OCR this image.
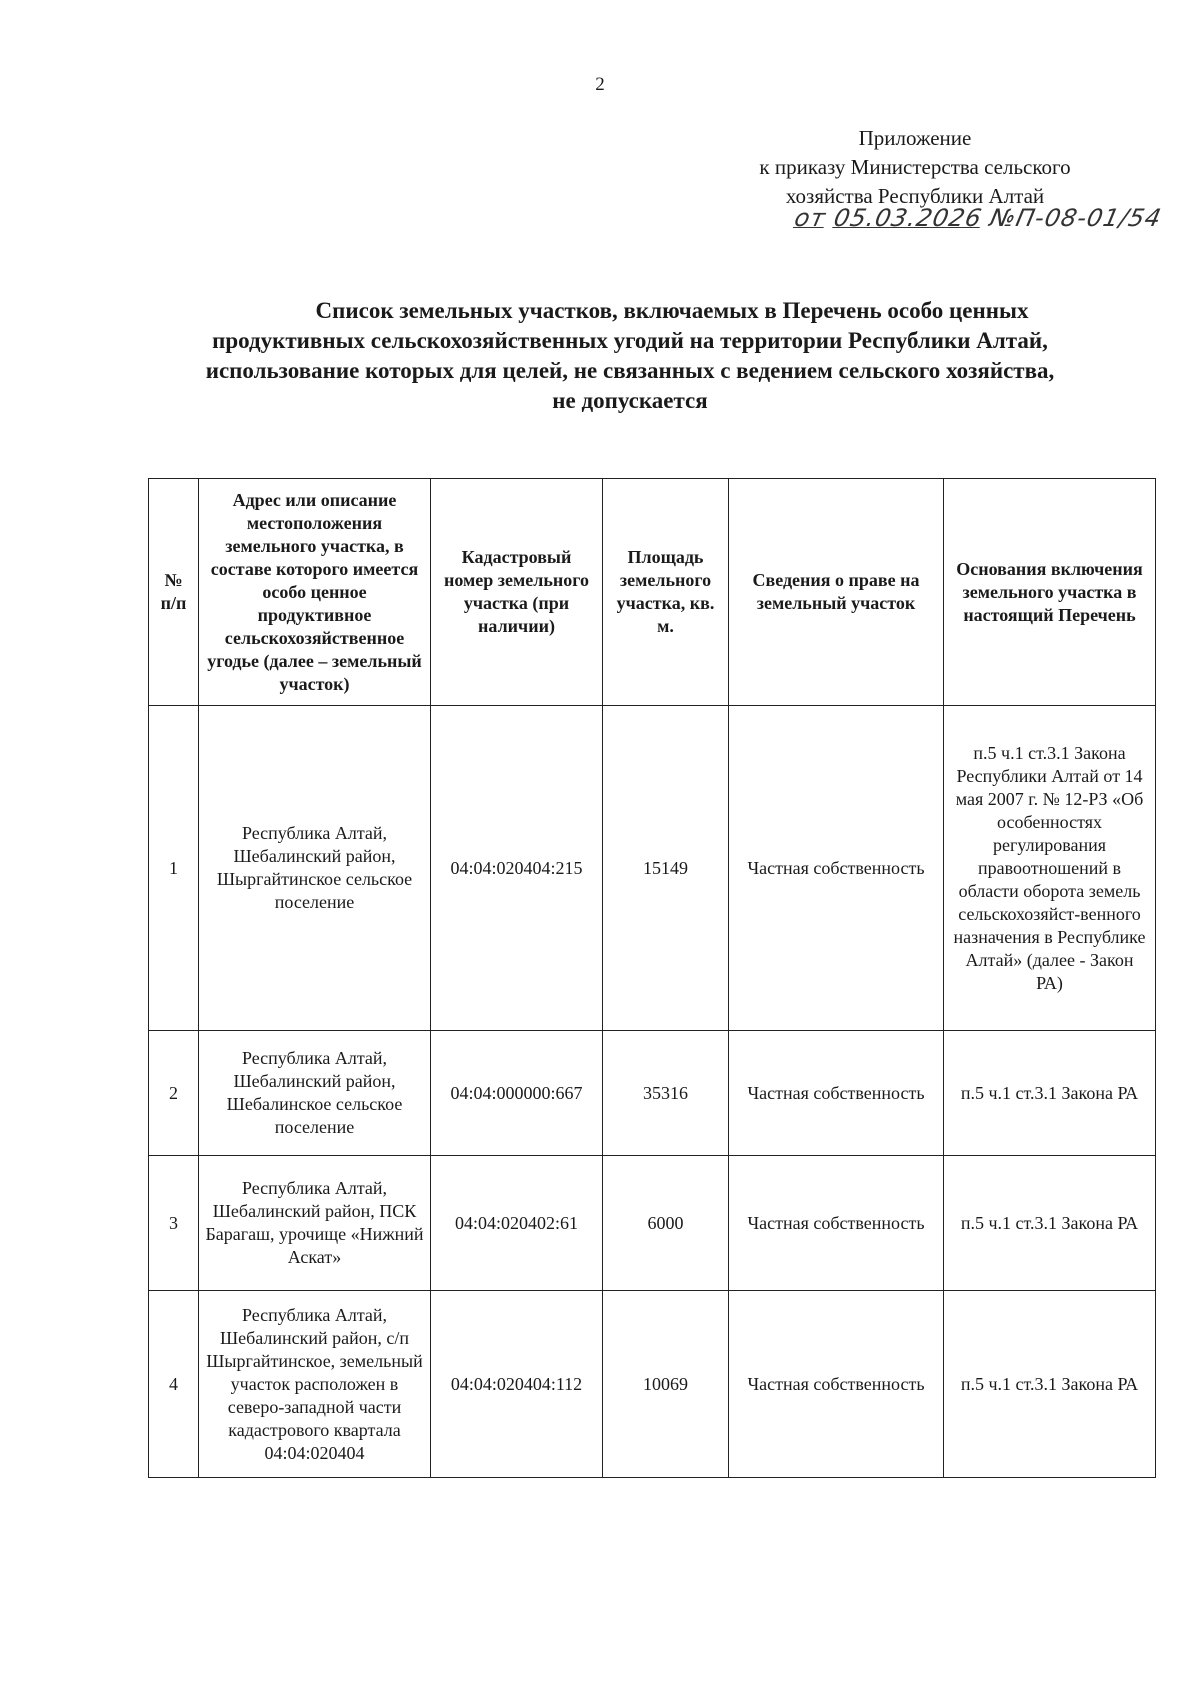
2
Приложение
к приказу Министерства сельского
хозяйства Республики Алтай
от 05.03.2026 №П-08-01/54
Список земельных участков, включаемых в Перечень особо ценных
продуктивных сельскохозяйственных угодий на территории Республики Алтай,
использование которых для целей, не связанных с ведением сельского хозяйства,
не допускается
№ п/п	Адрес или описание местоположения земельного участка, в составе которого имеется особо ценное продуктивное сельскохозяйственное угодье (далее – земельный участок)	Кадастровый номер земельного участка (при наличии)	Площадь земельного участка, кв. м.	Сведения о праве на земельный участок	Основания включения земельного участка в настоящий Перечень
1	Республика Алтай, Шебалинский район, Шыргайтинское сельское поселение	04:04:020404:215	15149	Частная собственность	п.5 ч.1 ст.3.1 Закона Республики Алтай от 14 мая 2007 г. № 12-РЗ «Об особенностях регулирования правоотношений в области оборота земель сельскохозяйст-венного назначения в Республике Алтай» (далее - Закон РА)
2	Республика Алтай, Шебалинский район, Шебалинское сельское поселение	04:04:000000:667	35316	Частная собственность	п.5 ч.1 ст.3.1 Закона РА
3	Республика Алтай, Шебалинский район, ПСК Барагаш, урочище «Нижний Аскат»	04:04:020402:61	6000	Частная собственность	п.5 ч.1 ст.3.1 Закона РА
4	Республика Алтай, Шебалинский район, с/п Шыргайтинское, земельный участок расположен в северо-западной части кадастрового квартала 04:04:020404	04:04:020404:112	10069	Частная собственность	п.5 ч.1 ст.3.1 Закона РА
